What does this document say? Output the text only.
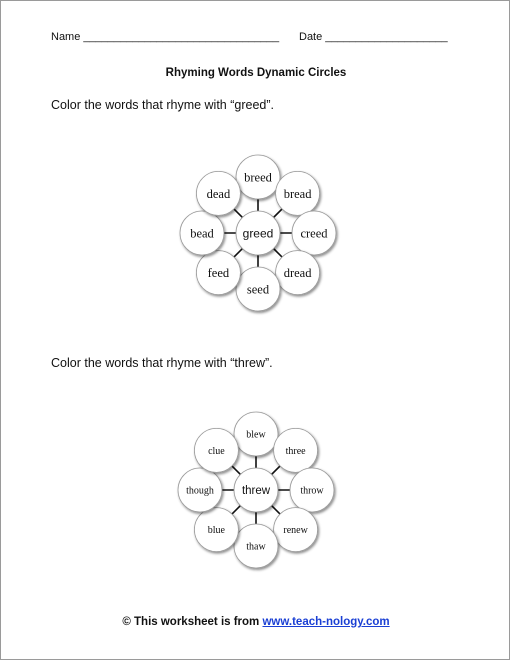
Name ________________________________ Date ____________________
Rhyming Words Dynamic Circles
Color the words that rhyme with “greed”.
breed
bread
creed
dread
seed
feed
bead
dead
greed
blew
three
throw
renew
thaw
blue
though
clue
threw
Color the words that rhyme with “threw”.
© This worksheet is from www.teach-nology.com
